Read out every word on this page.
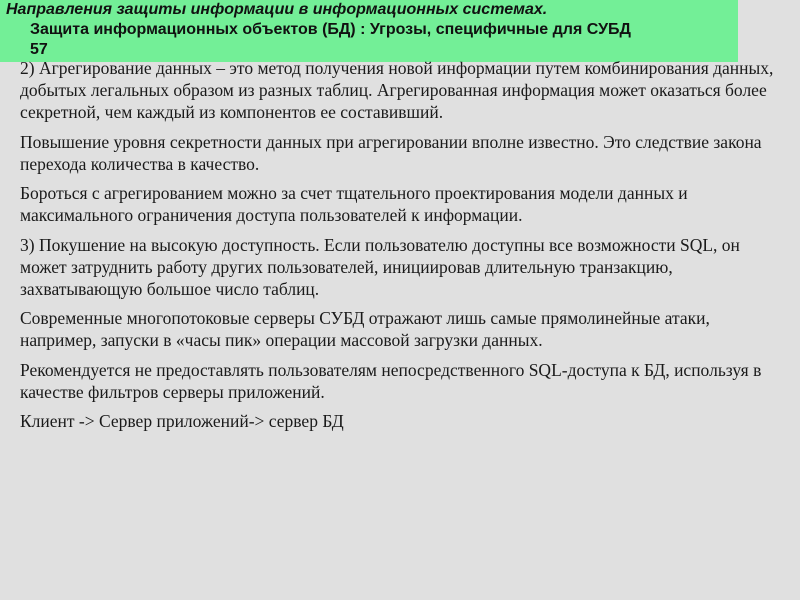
Направления защиты информации в информационных системах.
Защита информационных объектов (БД) : Угрозы, специфичные для СУБД
57

2) Агрегирование данных – это метод получения новой информации путем комбинирования данных, добытых легальных образом из разных таблиц. Агрегированная информация может оказаться более секретной, чем каждый из компонентов ее составивший.

Повышение уровня секретности данных при агрегировании вполне известно. Это следствие закона перехода количества в качество.

Бороться с агрегированием можно за счет тщательного проектирования модели данных и максимального ограничения доступа пользователей к информации.

3) Покушение на высокую доступность. Если пользователю доступны все возможности SQL, он может затруднить работу других пользователей, инициировав длительную транзакцию, захватывающую большое число таблиц.

Современные многопотоковые серверы СУБД отражают лишь самые прямолинейные атаки, например, запуски в «часы пик» операции массовой загрузки данных.

Рекомендуется не предоставлять пользователям непосредственного SQL-доступа к БД, используя в качестве фильтров серверы приложений.

Клиент -> Сервер приложений-> сервер БД
